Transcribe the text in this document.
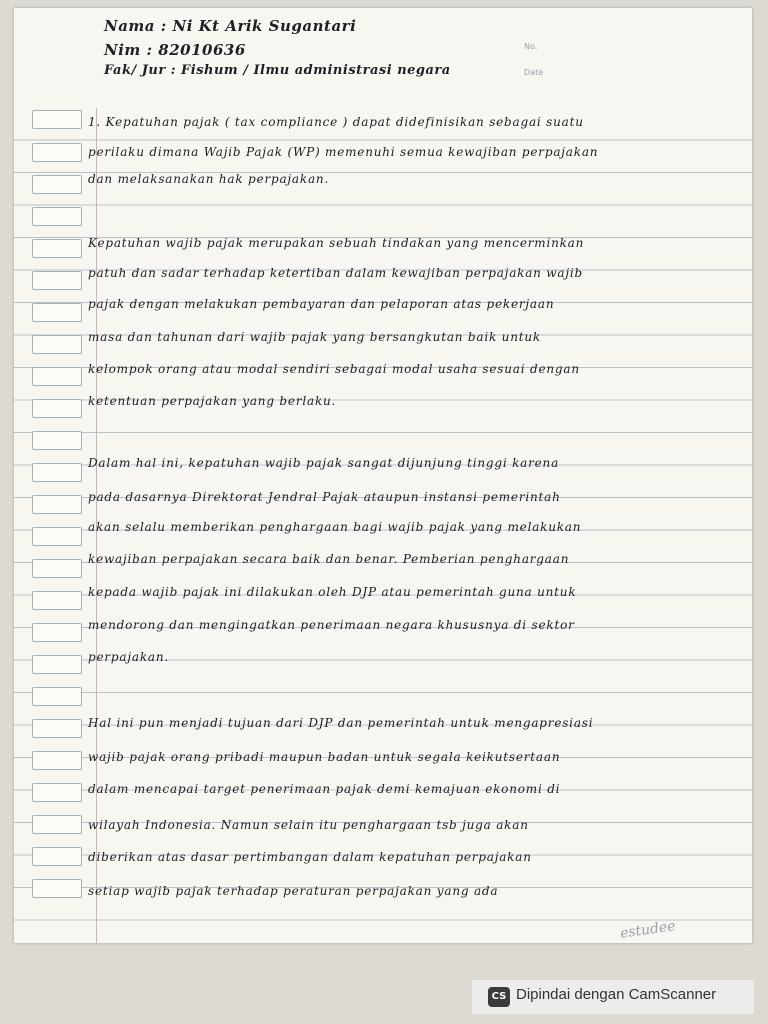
Nama : Ni Kt Arik Sugantari
Nim : 82010636
Fak/ Jur : Fishum / Ilmu administrasi negara
No.
Date
1. Kepatuhan pajak ( tax compliance ) dapat didefinisikan sebagai suatu
perilaku dimana Wajib Pajak (WP) memenuhi semua kewajiban perpajakan
dan melaksanakan hak perpajakan.
Kepatuhan wajib pajak merupakan sebuah tindakan yang mencerminkan
patuh dan sadar terhadap ketertiban dalam kewajiban perpajakan wajib
pajak dengan melakukan pembayaran dan pelaporan atas pekerjaan
masa dan tahunan dari wajib pajak yang bersangkutan baik untuk
kelompok orang atau modal sendiri sebagai modal usaha sesuai dengan
ketentuan perpajakan yang berlaku.
Dalam hal ini, kepatuhan wajib pajak sangat dijunjung tinggi karena
pada dasarnya Direktorat Jendral Pajak ataupun instansi pemerintah
akan selalu memberikan penghargaan bagi wajib pajak yang melakukan
kewajiban perpajakan secara baik dan benar. Pemberian penghargaan
kepada wajib pajak ini dilakukan oleh DJP atau pemerintah guna untuk
mendorong dan mengingatkan penerimaan negara khususnya di sektor
perpajakan.
Hal ini pun menjadi tujuan dari DJP dan pemerintah untuk mengapresiasi
wajib pajak orang pribadi maupun badan untuk segala keikutsertaan
dalam mencapai target penerimaan pajak demi kemajuan ekonomi di
wilayah Indonesia. Namun selain itu penghargaan tsb juga akan
diberikan atas dasar pertimbangan dalam kepatuhan perpajakan
setiap wajib pajak terhadap peraturan perpajakan yang ada
estudee
CS Dipindai dengan CamScanner
